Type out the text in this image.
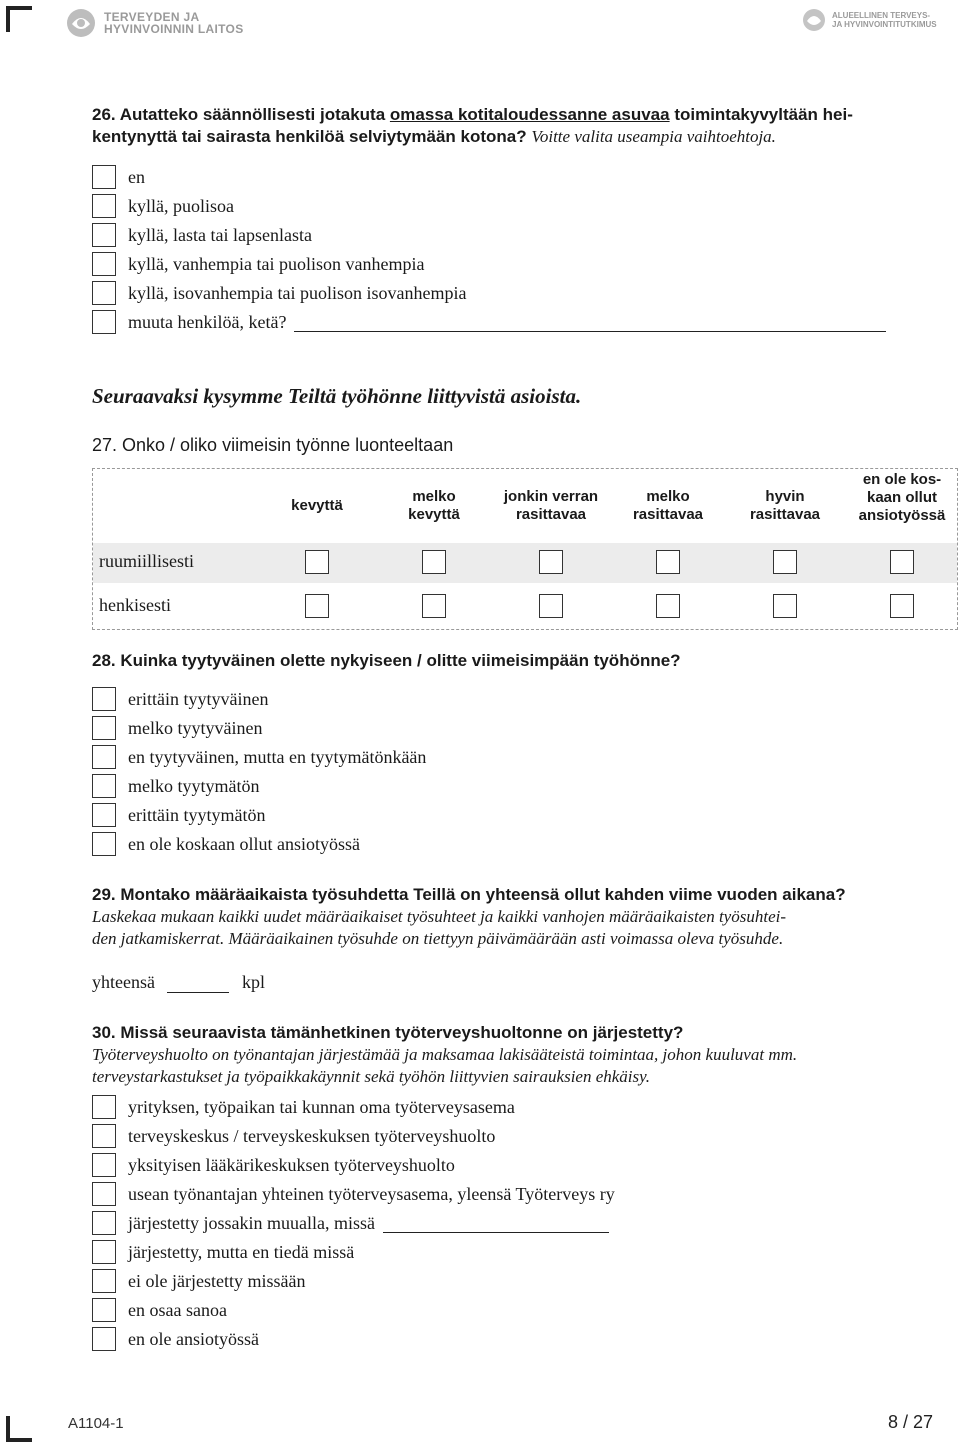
TERVEYDEN JA
HYVINVOINNIN LAITOS
ALUEELLINEN TERVEYS-
JA HYVINVOINTITUTKIMUS
26. Autatteko säännöllisesti jotakuta omassa kotitaloudessanne asuvaa toimintakyvyltään hei-
kentynyttä tai sairasta henkilöä selviytymään kotona? Voitte valita useampia vaihtoehtoja.
en
kyllä, puolisoa
kyllä, lasta tai lapsenlasta
kyllä, vanhempia tai puolison vanhempia
kyllä, isovanhempia tai puolison isovanhempia
muuta henkilöä, ketä?
Seuraavaksi kysymme Teiltä työhönne liittyvistä asioista.
27. Onko / oliko viimeisin työnne luonteeltaan
kevyttä
melko
kevyttä
jonkin verran
rasittavaa
melko
rasittavaa
hyvin
rasittavaa
en ole kos-
kaan ollut
ansiotyössä
ruumiillisesti
henkisesti
28. Kuinka tyytyväinen olette nykyiseen / olitte viimeisimpään työhönne?
erittäin tyytyväinen
melko tyytyväinen
en tyytyväinen, mutta en tyytymätönkään
melko tyytymätön
erittäin tyytymätön
en ole koskaan ollut ansiotyössä
29. Montako määräaikaista työsuhdetta Teillä on yhteensä ollut kahden viime vuoden aikana?
Laskekaa mukaan kaikki uudet määräaikaiset työsuhteet ja kaikki vanhojen määräaikaisten työsuhtei-
den jatkamiskerrat. Määräaikainen työsuhde on tiettyyn päivämäärään asti voimassa oleva työsuhde.
yhteensä	kpl
30. Missä seuraavista tämänhetkinen työterveyshuoltonne on järjestetty?
Työterveyshuolto on työnantajan järjestämää ja maksamaa lakisääteistä toimintaa, johon kuuluvat mm.
terveystarkastukset ja työpaikkakäynnit sekä työhön liittyvien sairauksien ehkäisy.
yrityksen, työpaikan tai kunnan oma työterveysasema
terveyskeskus / terveyskeskuksen työterveyshuolto
yksityisen lääkärikeskuksen työterveyshuolto
usean työnantajan yhteinen työterveysasema, yleensä Työterveys ry
järjestetty jossakin muualla, missä
järjestetty, mutta en tiedä missä
ei ole järjestetty missään
en osaa sanoa
en ole ansiotyössä
A1104-1	8 / 27
